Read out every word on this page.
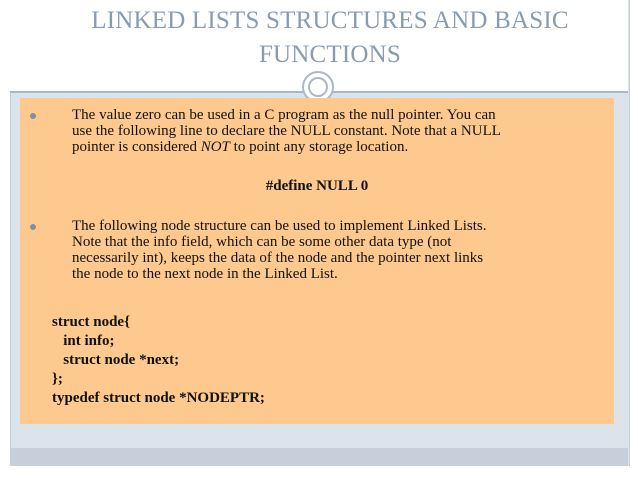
LINKED LISTS STRUCTURES AND BASIC
FUNCTIONS
The value zero can be used in a C program as the null pointer. You can
use the following line to declare the NULL constant. Note that a NULL
pointer is considered NOT to point any storage location.
#define NULL 0
The following node structure can be used to implement Linked Lists.
Note that the info field, which can be some other data type (not
necessarily int), keeps the data of the node and the pointer next links
the node to the next node in the Linked List.
struct node{
int info;
struct node *next;
};
typedef struct node *NODEPTR;
